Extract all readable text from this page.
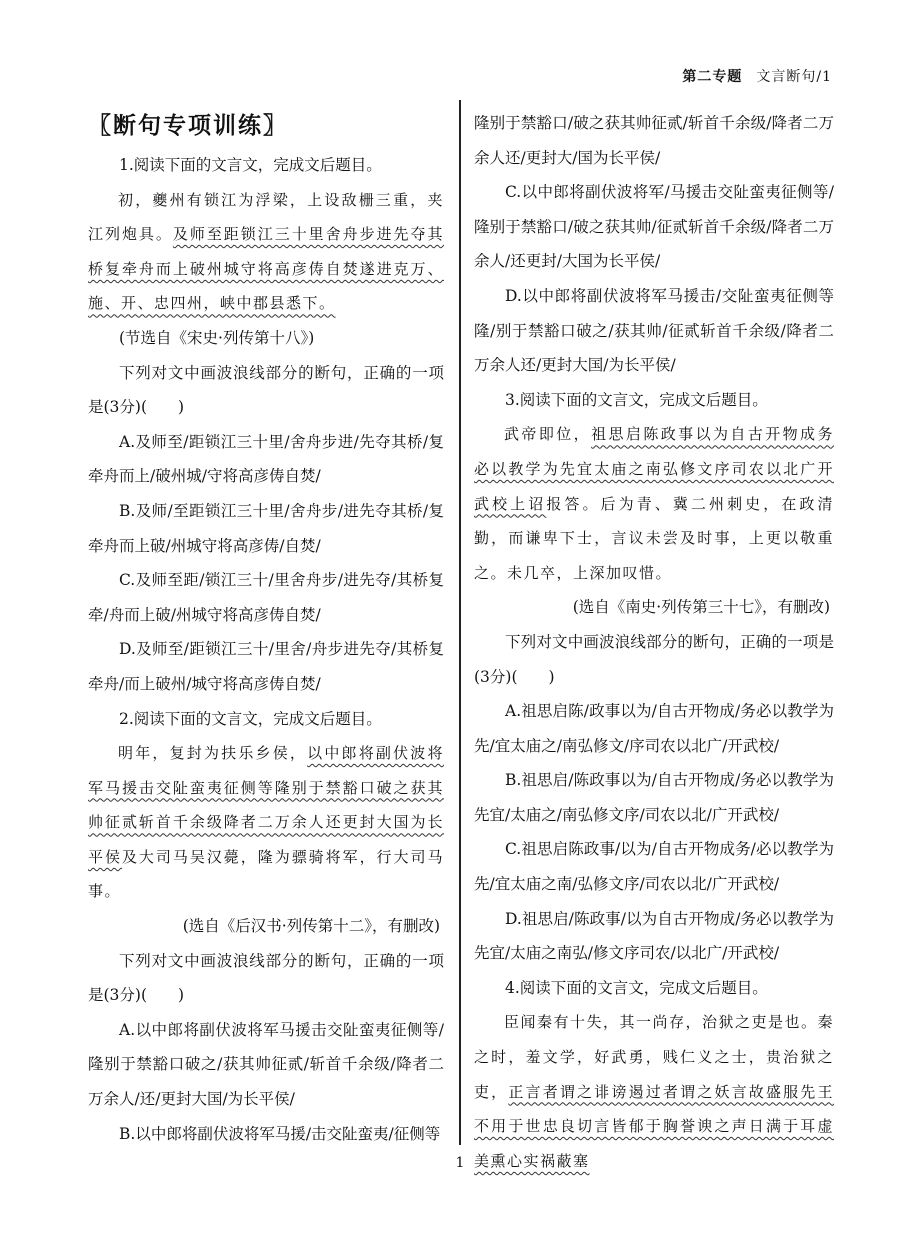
第二专题 文言断句/1

〖断句专项训练〗

1.阅读下面的文言文，完成文后题目。

初，夔州有锁江为浮梁，上设敌栅三重，夹江列炮具。及师至距锁江三十里舍舟步进先夺其桥复牵舟而上破州城守将高彦俦自焚遂进克万、施、开、忠四州，峡中郡县悉下。

(节选自《宋史·列传第十八》)

下列对文中画波浪线部分的断句，正确的一项是(3分)(　　)

A.及师至/距锁江三十里/舍舟步进/先夺其桥/复牵舟而上/破州城/守将高彦俦自焚/

B.及师/至距锁江三十里/舍舟步/进先夺其桥/复牵舟而上破/州城守将高彦俦/自焚/

C.及师至距/锁江三十/里舍舟步/进先夺/其桥复牵/舟而上破/州城守将高彦俦自焚/

D.及师至/距锁江三十/里舍/舟步进先夺/其桥复牵舟/而上破州/城守将高彦俦自焚/

2.阅读下面的文言文，完成文后题目。

明年，复封为扶乐乡侯，以中郎将副伏波将军马援击交阯蛮夷征侧等隆别于禁豁口破之获其帅征贰斩首千余级降者二万余人还更封大国为长平侯及大司马吴汉薨，隆为骠骑将军，行大司马事。

(选自《后汉书·列传第十二》，有删改)

下列对文中画波浪线部分的断句，正确的一项是(3分)(　　)

A.以中郎将副伏波将军马援击交阯蛮夷征侧等/隆别于禁豁口破之/获其帅征贰/斩首千余级/降者二万余人/还/更封大国/为长平侯/

B.以中郎将副伏波将军马援/击交阯蛮夷/征侧等

隆别于禁豁口/破之获其帅征贰/斩首千余级/降者二万余人还/更封大/国为长平侯/

C.以中郎将副伏波将军/马援击交阯蛮夷征侧等/隆别于禁豁口/破之获其帅/征贰斩首千余级/降者二万余人/还更封/大国为长平侯/

D.以中郎将副伏波将军马援击/交阯蛮夷征侧等隆/别于禁豁口破之/获其帅/征贰斩首千余级/降者二万余人还/更封大国/为长平侯/

3.阅读下面的文言文，完成文后题目。

武帝即位，祖思启陈政事以为自古开物成务必以教学为先宜太庙之南弘修文序司农以北广开武校上诏报答。后为青、冀二州刺史，在政清勤，而谦卑下士，言议未尝及时事，上更以敬重之。未几卒，上深加叹惜。

(选自《南史·列传第三十七》，有删改)

下列对文中画波浪线部分的断句，正确的一项是(3分)(　　)

A.祖思启陈/政事以为/自古开物成/务必以教学为先/宜太庙之/南弘修文/序司农以北广/开武校/

B.祖思启/陈政事以为/自古开物成/务必以教学为先宜/太庙之/南弘修文序/司农以北/广开武校/

C.祖思启陈政事/以为/自古开物成务/必以教学为先/宜太庙之南/弘修文序/司农以北/广开武校/

D.祖思启/陈政事/以为自古开物成/务必以教学为先宜/太庙之南弘/修文序司农/以北广/开武校/

4.阅读下面的文言文，完成文后题目。

臣闻秦有十失，其一尚存，治狱之吏是也。秦之时，羞文学，好武勇，贱仁义之士，贵治狱之吏，正言者谓之诽谤遏过者谓之妖言故盛服先王不用于世忠良切言皆郁于胸誉谀之声日满于耳虚美熏心实祸蔽塞

1
